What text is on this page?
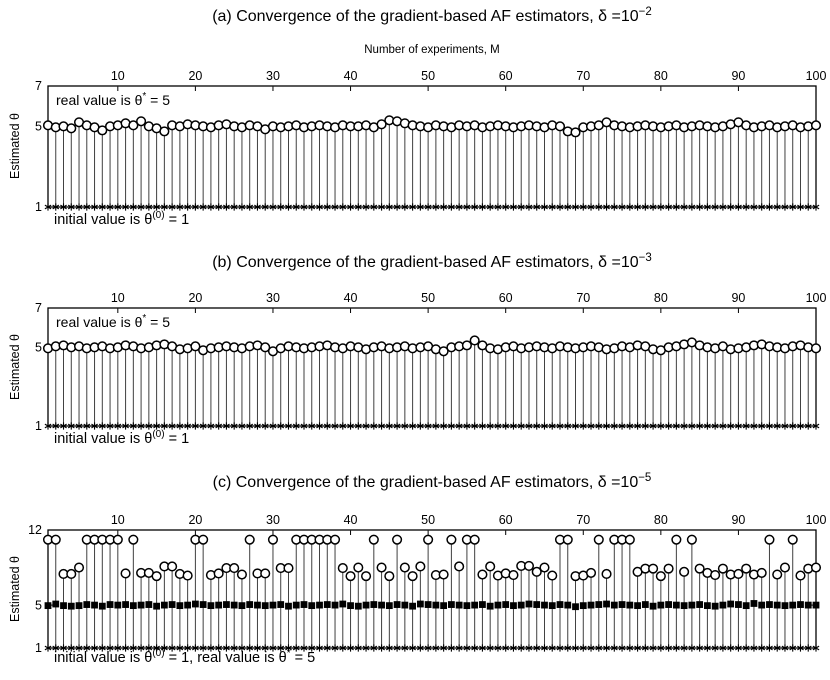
10	20	30	40	50	60	70	80	90	100
1
5
7
10	20	30	40	50	60	70	80	90	100
1
5
7
10	20	30	40	50	60	70	80	90	100
1
5
12
(a) Convergence of the gradient-based AF estimators, $\delta =10^{-2}$
Number of experiments, M
Estimated θ
real value is θ* = 5
initial value is $\theta^{(0)} = 1$
(b) Convergence of the gradient-based AF estimators, $\delta =10^{-3}$
Estimated θ
real value is θ* = 5
initial value is $\theta^{(0)} = 1$
(c) Convergence of the gradient-based AF estimators, $\delta =10^{-5}$
Estimated θ
initial value is $\theta^{(0)} = 1$, real value is θ* = 5
